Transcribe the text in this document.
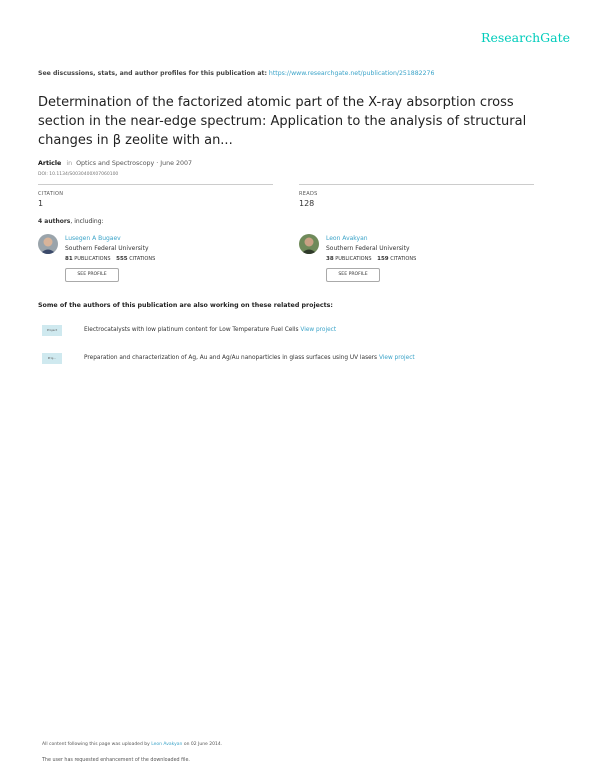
ResearchGate
See discussions, stats, and author profiles for this publication at: https://www.researchgate.net/publication/251882276
Determination of the factorized atomic part of the X-ray absorption cross section in the near-edge spectrum: Application to the analysis of structural changes in β zeolite with an...
Article in Optics and Spectroscopy · June 2007
DOI: 10.1134/S0030400X07060100
CITATION
1
READS
128
4 authors, including:
Lusegen A Bugaev
Southern Federal University
81 PUBLICATIONS 555 CITATIONS
SEE PROFILE
Leon Avakyan
Southern Federal University
38 PUBLICATIONS 159 CITATIONS
SEE PROFILE
Some of the authors of this publication are also working on these related projects:
Project	Electrocatalysts with low platinum content for Low Temperature Fuel Cells View project
Proj...	Preparation and characterization of Ag, Au and Ag/Au nanoparticles in glass surfaces using UV lasers View project
All content following this page was uploaded by Leon Avakyan on 02 June 2014.
The user has requested enhancement of the downloaded file.
